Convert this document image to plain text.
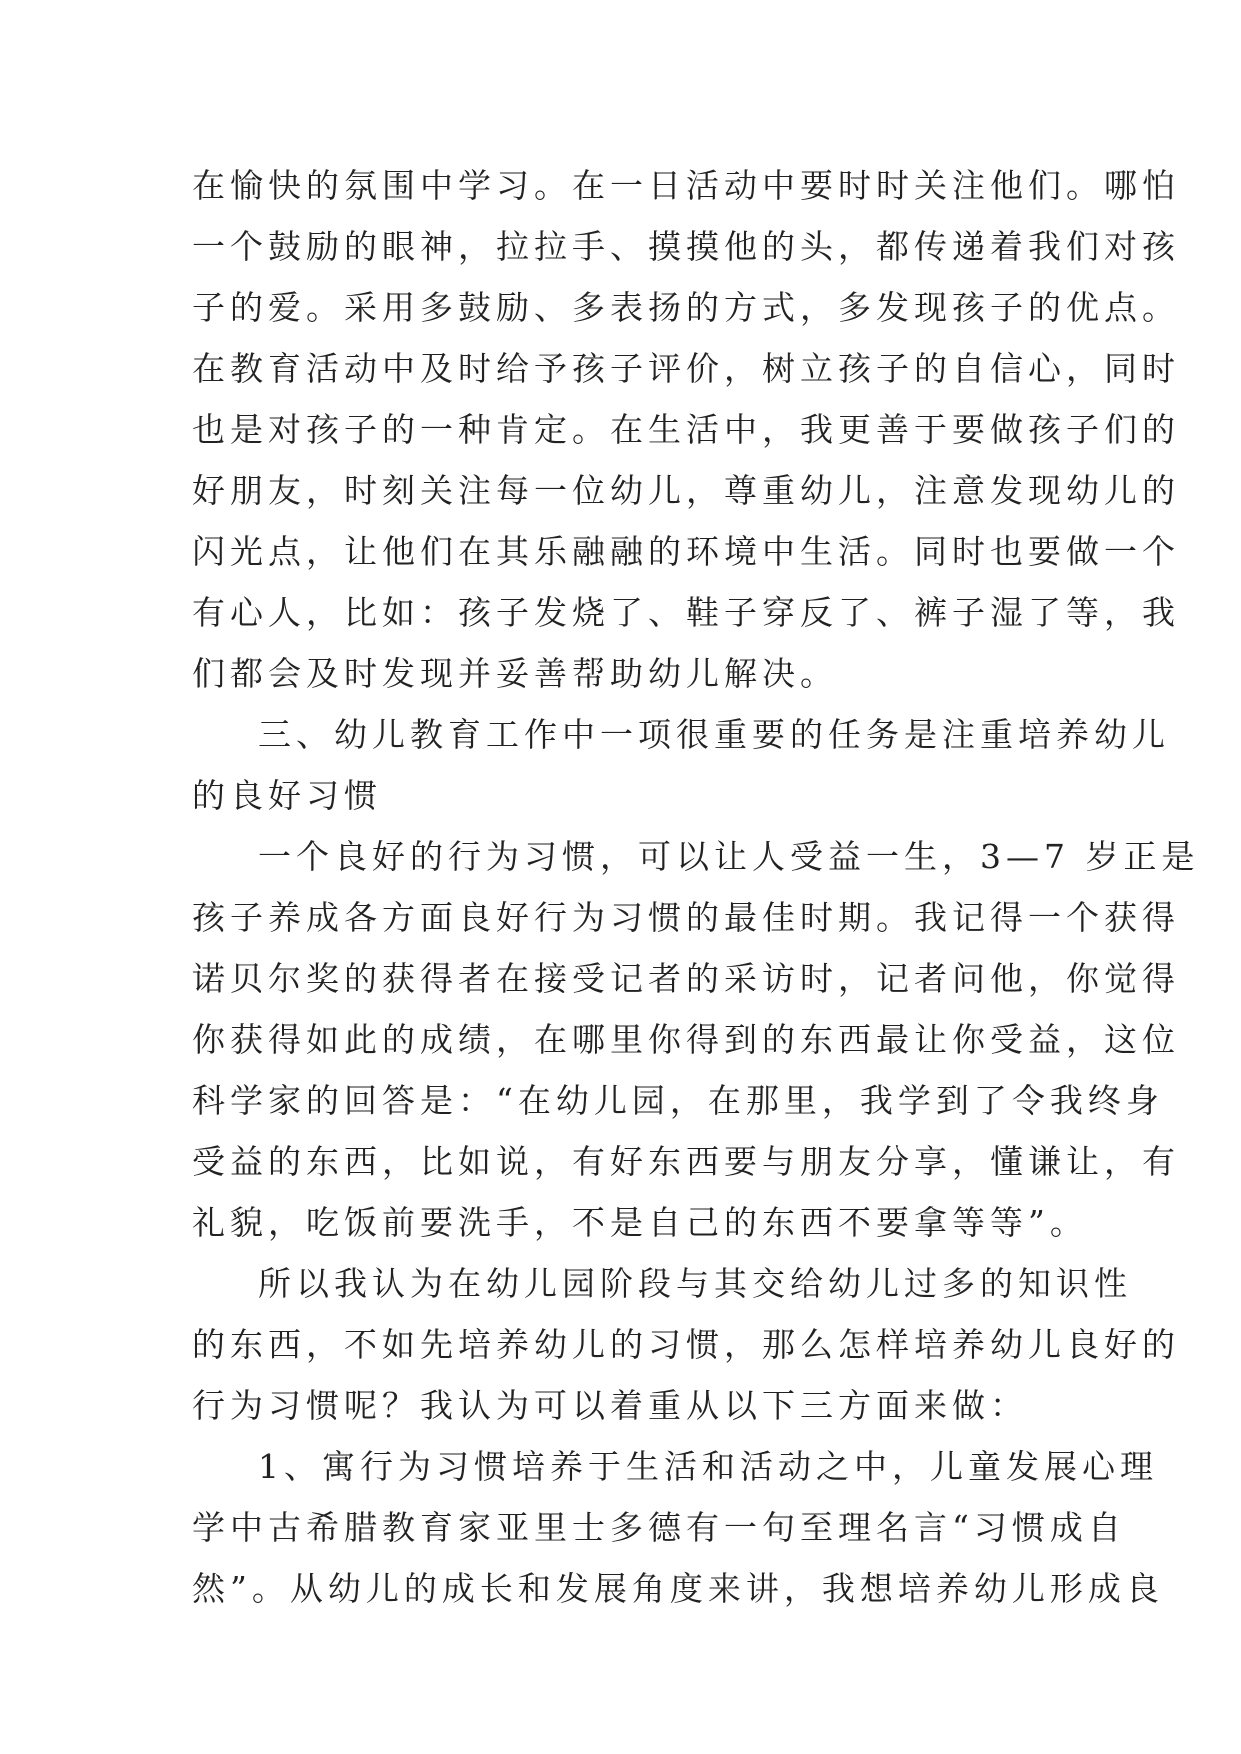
在愉快的氛围中学习。在一日活动中要时时关注他们。哪怕

一个鼓励的眼神，拉拉手、摸摸他的头，都传递着我们对孩

子的爱。采用多鼓励、多表扬的方式，多发现孩子的优点。

在教育活动中及时给予孩子评价，树立孩子的自信心，同时

也是对孩子的一种肯定。在生活中，我更善于要做孩子们的

好朋友，时刻关注每一位幼儿，尊重幼儿，注意发现幼儿的

闪光点，让他们在其乐融融的环境中生活。同时也要做一个

有心人，比如：孩子发烧了、鞋子穿反了、裤子湿了等，我

们都会及时发现并妥善帮助幼儿解决。

三、幼儿教育工作中一项很重要的任务是注重培养幼儿

的良好习惯

一个良好的行为习惯，可以让人受益一生，3—7 岁正是

孩子养成各方面良好行为习惯的最佳时期。我记得一个获得

诺贝尔奖的获得者在接受记者的采访时，记者问他，你觉得

你获得如此的成绩，在哪里你得到的东西最让你受益，这位

科学家的回答是：“在幼儿园，在那里，我学到了令我终身

受益的东西，比如说，有好东西要与朋友分享，懂谦让，有

礼貌，吃饭前要洗手，不是自己的东西不要拿等等”。

所以我认为在幼儿园阶段与其交给幼儿过多的知识性

的东西，不如先培养幼儿的习惯，那么怎样培养幼儿良好的

行为习惯呢？我认为可以着重从以下三方面来做：

1、寓行为习惯培养于生活和活动之中，儿童发展心理

学中古希腊教育家亚里士多德有一句至理名言“习惯成自

然”。从幼儿的成长和发展角度来讲，我想培养幼儿形成良
